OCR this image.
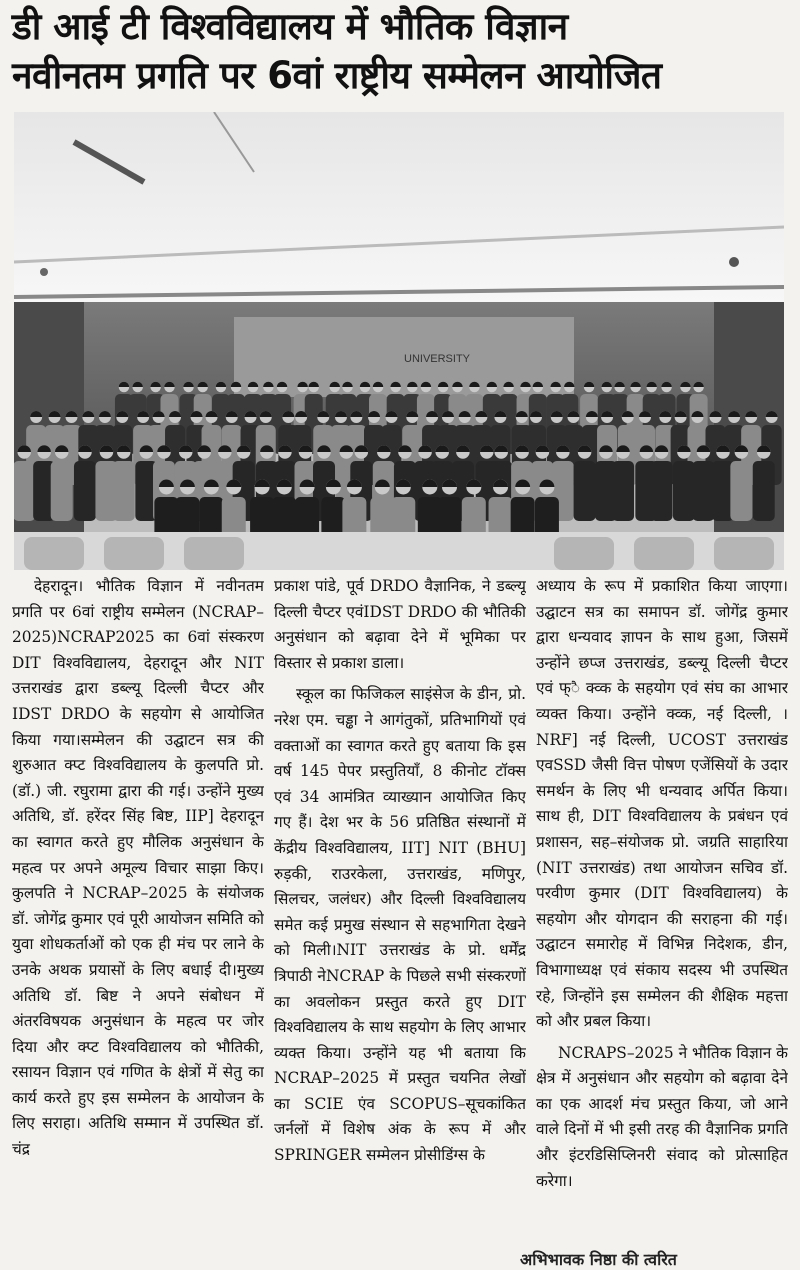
डी आई टी विश्वविद्यालय में भौतिक विज्ञान
नवीनतम प्रगति पर 6वां राष्ट्रीय सम्मेलन आयोजित
UNIVERSITY

देहरादून। भौतिक विज्ञान में नवीनतम प्रगति पर 6वां राष्ट्रीय सम्मेलन (NCRAP–2025)NCRAP2025 का 6वां संस्करण DIT विश्वविद्यालय, देहरादून और NIT उत्तराखंड द्वारा डब्ल्यू दिल्ली चैप्टर और IDST DRDO के सहयोग से आयोजित किया गया।सम्मेलन की उद्घाटन सत्र की शुरुआत क्प्ट विश्वविद्यालय के कुलपति प्रो. (डॉ.) जी. रघुरामा द्वारा की गई। उन्होंने मुख्य अतिथि, डॉ. हरेंदर सिंह बिष्ट, IIP] देहरादून का स्वागत करते हुए मौलिक अनुसंधान के महत्व पर अपने अमूल्य विचार साझा किए। कुलपति ने NCRAP–2025 के संयोजक डॉ. जोगेंद्र कुमार एवं पूरी आयोजन समिति को युवा शोधकर्ताओं को एक ही मंच पर लाने के उनके अथक प्रयासों के लिए बधाई दी।मुख्य अतिथि डॉ. बिष्ट ने अपने संबोधन में अंतरविषयक अनुसंधान के महत्व पर जोर दिया और क्प्ट विश्वविद्यालय को भौतिकी, रसायन विज्ञान एवं गणित के क्षेत्रों में सेतु का कार्य करते हुए इस सम्मेलन के आयोजन के लिए सराहा। अतिथि सम्मान में उपस्थित डॉ. चंद्र

प्रकाश पांडे, पूर्व DRDO वैज्ञानिक, ने डब्ल्यू दिल्ली चैप्टर एवंIDST DRDO की भौतिकी अनुसंधान को बढ़ावा देने में भूमिका पर विस्तार से प्रकाश डाला।

स्कूल का फिजिकल साइंसेज के डीन, प्रो. नरेश एम. चड्ढा ने आगंतुकों, प्रतिभागियों एवं वक्ताओं का स्वागत करते हुए बताया कि इस वर्ष 145 पेपर प्रस्तुतियाँ, 8 कीनोट टॉक्स एवं 34 आमंत्रित व्याख्यान आयोजित किए गए हैं। देश भर के 56 प्रतिष्ठित संस्थानों में केंद्रीय विश्वविद्यालय, IIT] NIT (BHU] रुड़की, राउरकेला, उत्तराखंड, मणिपुर, सिलचर, जलंधर) और दिल्ली विश्वविद्यालय समेत कई प्रमुख संस्थान से सहभागिता देखने को मिली।NIT उत्तराखंड के प्रो. धर्मेंद्र त्रिपाठी नेNCRAP के पिछले सभी संस्करणों का अवलोकन प्रस्तुत करते हुए DIT विश्वविद्यालय के साथ सहयोग के लिए आभार व्यक्त किया। उन्होंने यह भी बताया कि NCRAP–2025 में प्रस्तुत चयनित लेखों का SCIE एंव SCOPUS–सूचकांकित जर्नलों में विशेष अंक के रूप में और SPRINGER सम्मेलन प्रोसीडिंग्स के

अध्याय के रूप में प्रकाशित किया जाएगा।उद्घाटन सत्र का समापन डॉ. जोगेंद्र कुमार द्वारा धन्यवाद ज्ञापन के साथ हुआ, जिसमें उन्होंने छप्ज उत्तराखंड, डब्ल्यू दिल्ली चैप्टर एवं फ्ै क्व्क के सहयोग एवं संघ का आभार व्यक्त किया। उन्होंने क्व्क, नई दिल्ली, ।NRF] नई दिल्ली, UCOST उत्तराखंड एवSSD जैसी वित्त पोषण एजेंसियों के उदार समर्थन के लिए भी धन्यवाद अर्पित किया। साथ ही, DIT विश्वविद्यालय के प्रबंधन एवं प्रशासन, सह–संयोजक प्रो. जग्रति साहारिया (NIT उत्तराखंड) तथा आयोजन सचिव डॉ. परवीण कुमार (DIT विश्वविद्यालय) के सहयोग और योगदान की सराहना की गई। उद्घाटन समारोह में विभिन्न निदेशक, डीन, विभागाध्यक्ष एवं संकाय सदस्य भी उपस्थित रहे, जिन्होंने इस सम्मेलन की शैक्षिक महत्ता को और प्रबल किया।

NCRAPS–2025 ने भौतिक विज्ञान के क्षेत्र में अनुसंधान और सहयोग को बढ़ावा देने का एक आदर्श मंच प्रस्तुत किया, जो आने वाले दिनों में भी इसी तरह की वैज्ञानिक प्रगति और इंटरडिसिप्लिनरी संवाद को प्रोत्साहित करेगा।

अभिभावक निष्ठा की त्वरित
